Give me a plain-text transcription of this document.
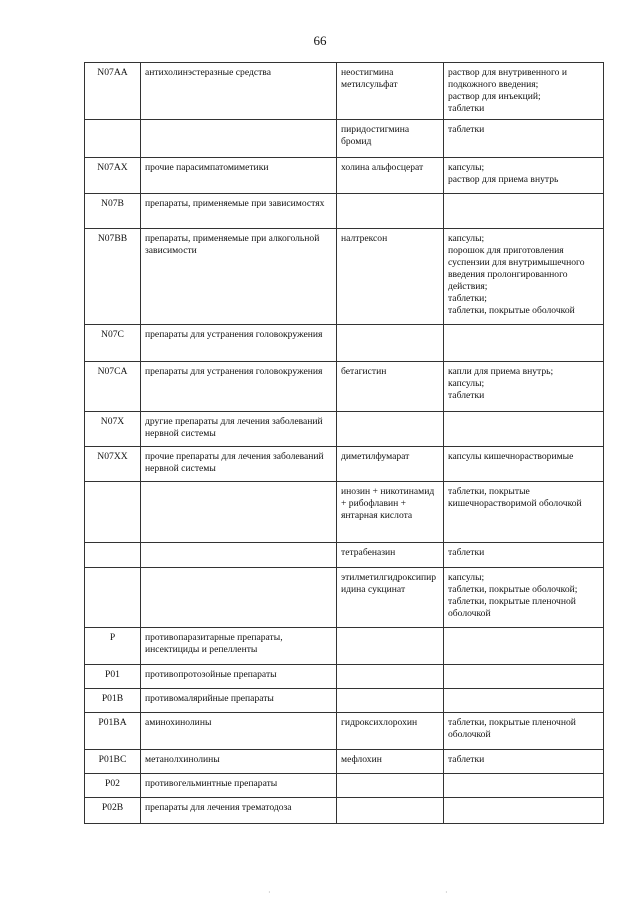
66
N07AA	антихолинэстеразные средства	неостигмина метилсульфат	раствор для внутривенного и подкожного введения;
раствор для инъекций;
таблетки

		пиридостигмина бромид	таблетки

N07AX	прочие парасимпатомиметики	холина альфосцерат	капсулы;
раствор для приема внутрь

N07B	препараты, применяемые при зависимостях		
N07BB	препараты, применяемые при алкогольной зависимости	налтрексон	капсулы;
порошок для приготовления суспензии для внутримышечного введения пролонгированного действия;
таблетки;
таблетки, покрытые оболочкой

N07C	препараты для устранения головокружения		
N07CA	препараты для устранения головокружения	бетагистин	капли для приема внутрь;
капсулы;
таблетки

N07X	другие препараты для лечения заболеваний нервной системы		
N07XX	прочие препараты для лечения заболеваний нервной системы	диметилфумарат	капсулы кишечнорастворимые

		инозин + никотинамид + рибофлавин + янтарная кислота	таблетки, покрытые кишечнорастворимой оболочкой

		тетрабеназин	таблетки

		этилметилгидроксипиридина сукцинат	капсулы;
таблетки, покрытые оболочкой;
таблетки, покрытые пленочной оболочкой

P	противопаразитарные препараты, инсектициды и репелленты		
P01	противопротозойные препараты		
P01B	противомалярийные препараты		
P01BA	аминохинолины	гидроксихлорохин	таблетки, покрытые пленочной оболочкой

P01BC	метанолхинолины	мефлохин	таблетки

P02	противогельминтные препараты		
P02B	препараты для лечения трематодоза		
·	·
